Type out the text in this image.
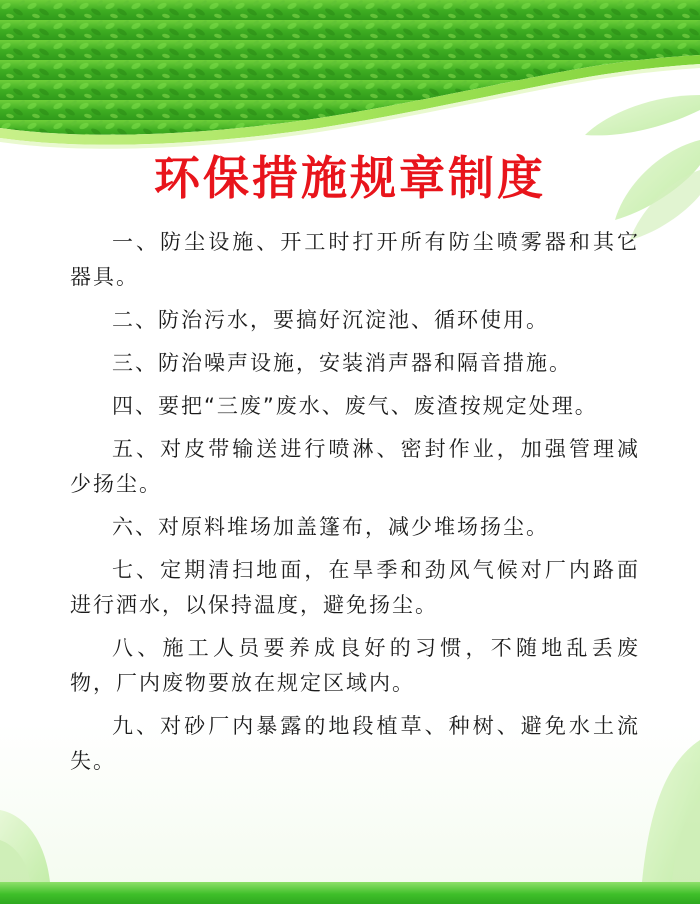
环保措施规章制度

一、防尘设施、开工时打开所有防尘喷雾器和其它器具。

二、防治污水，要搞好沉淀池、循环使用。

三、防治噪声设施，安装消声器和隔音措施。

四、要把“三废”废水、废气、废渣按规定处理。

五、对皮带输送进行喷淋、密封作业，加强管理减少扬尘。

六、对原料堆场加盖篷布，减少堆场扬尘。

七、定期清扫地面，在旱季和劲风气候对厂内路面进行洒水，以保持温度，避免扬尘。

八、施工人员要养成良好的习惯，不随地乱丢废物，厂内废物要放在规定区域内。

九、对砂厂内暴露的地段植草、种树、避免水土流失。
